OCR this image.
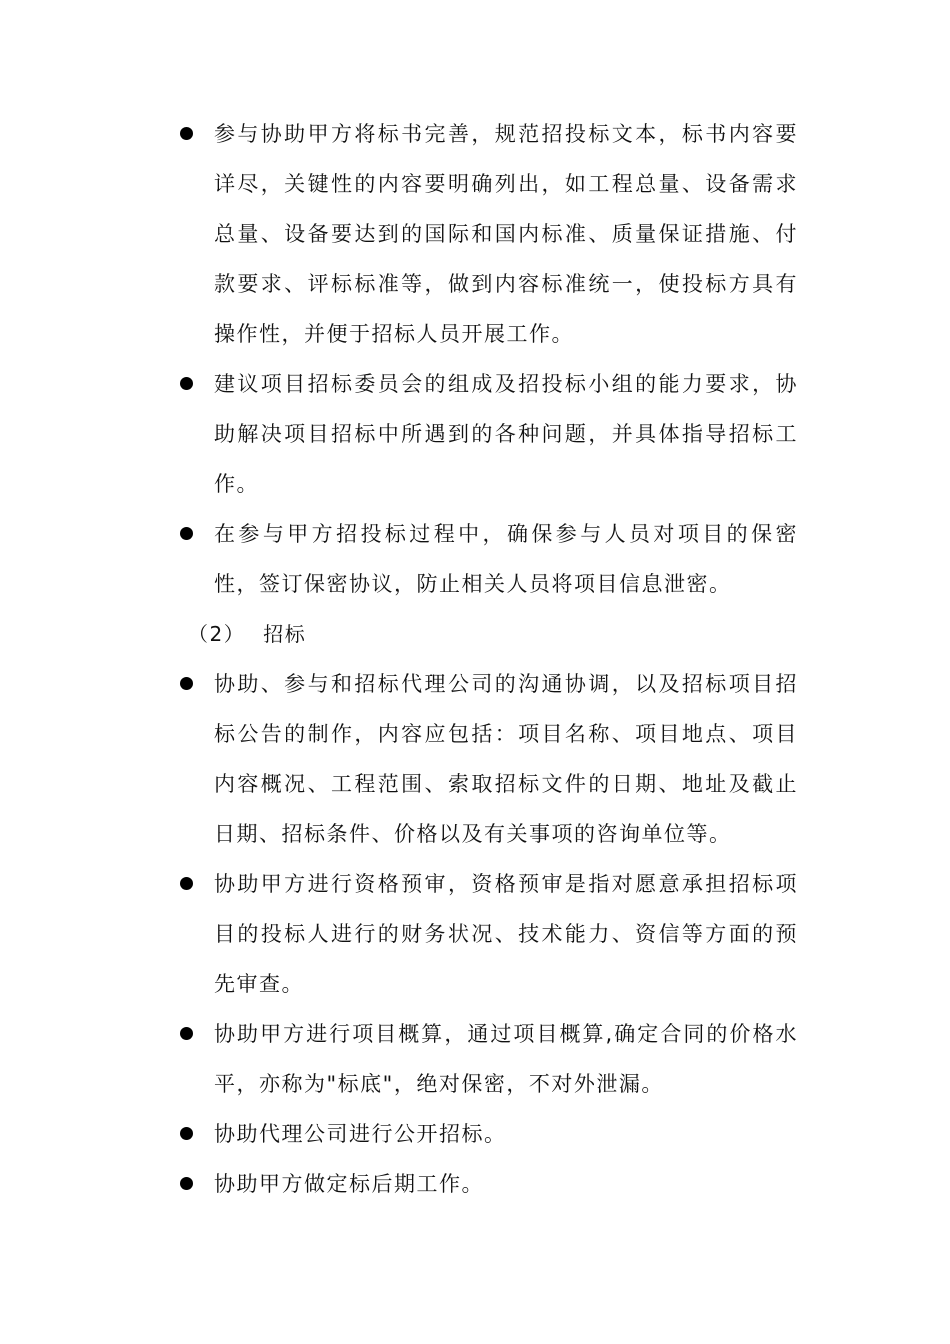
参与协助甲方将标书完善，规范招投标文本，标书内容要详尽，关键性的内容要明确列出，如工程总量、设备需求总量、设备要达到的国际和国内标准、质量保证措施、付款要求、评标标准等，做到内容标准统一，使投标方具有操作性，并便于招标人员开展工作。

建议项目招标委员会的组成及招投标小组的能力要求，协助解决项目招标中所遇到的各种问题，并具体指导招标工作。

在参与甲方招投标过程中，确保参与人员对项目的保密性，签订保密协议，防止相关人员将项目信息泄密。

（2） 招标

协助、参与和招标代理公司的沟通协调，以及招标项目招标公告的制作，内容应包括：项目名称、项目地点、项目内容概况、工程范围、索取招标文件的日期、地址及截止日期、招标条件、价格以及有关事项的咨询单位等。

协助甲方进行资格预审，资格预审是指对愿意承担招标项目的投标人进行的财务状况、技术能力、资信等方面的预先审查。

协助甲方进行项目概算，通过项目概算,确定合同的价格水平，亦称为"标底"，绝对保密，不对外泄漏。

协助代理公司进行公开招标。

协助甲方做定标后期工作。
